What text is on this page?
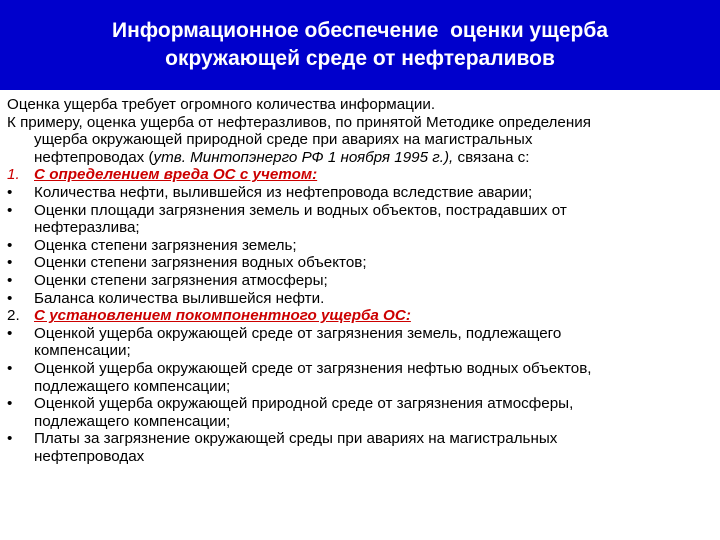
Информационное обеспечение  оценки ущерба
окружающей среде от нефтерaливов

Оценка ущерба требует огромного количества информации.

К примеру, оценка ущерба от нефтеразливов, по принятой Методике определения
ущерба окружающей природной среде при авариях на магистральных
нефтепроводах (утв. Минтопэнерго РФ 1 ноября 1995 г.), связана с:

1. С определением вреда ОС с учетом:

• Количества нефти, вылившейся из нефтепровода вследствие аварии;

• Оценки площади загрязнения земель и водных объектов, пострадавших от
нефтеразлива;

• Оценка степени загрязнения земель;

• Оценки степени загрязнения водных объектов;

• Оценки степени загрязнения атмосферы;

• Баланса количества вылившейся нефти.

2. С установлением покомпонентного ущерба ОС:

• Оценкой ущерба окружающей среде от загрязнения земель, подлежащего
компенсации;

• Оценкой ущерба окружающей среде от загрязнения нефтью водных объектов,
подлежащего компенсации;

• Оценкой ущерба окружающей природной среде от загрязнения атмосферы,
подлежащего компенсации;

• Платы за загрязнение окружающей среды при авариях на магистральных
нефтепроводах
